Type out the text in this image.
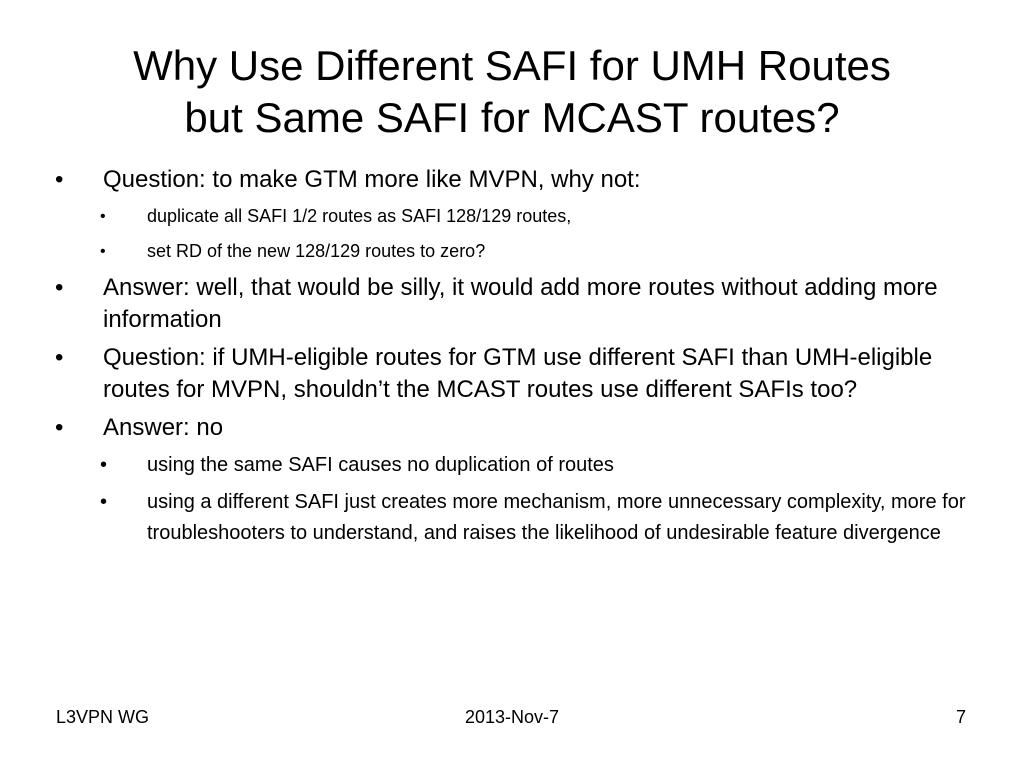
Why Use Different SAFI for UMH Routes
but Same SAFI for MCAST routes?
• Question: to make GTM more like MVPN, why not:
• duplicate all SAFI 1/2 routes as SAFI 128/129 routes,
• set RD of the new 128/129 routes to zero?
• Answer: well, that would be silly, it would add more routes without adding more information
• Question: if UMH-eligible routes for GTM use different SAFI than UMH-eligible routes for MVPN, shouldn’t the MCAST routes use different SAFIs too?
• Answer: no
• using the same SAFI causes no duplication of routes
• using a different SAFI just creates more mechanism, more unnecessary complexity, more for troubleshooters to understand, and raises the likelihood of undesirable feature divergence
2013-Nov-7
L3VPN WG	7
